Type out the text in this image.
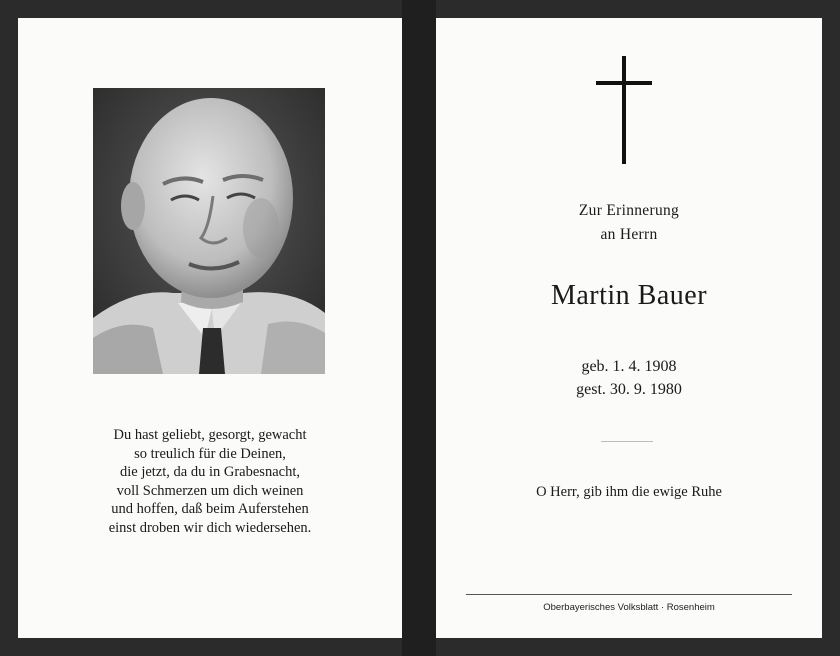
Du hast geliebt, gesorgt, gewacht
so treulich für die Deinen,
die jetzt, da du in Grabesnacht,
voll Schmerzen um dich weinen
und hoffen, daß beim Auferstehen
einst droben wir dich wiedersehen.
Zur Erinnerung
an Herrn
Martin Bauer
geb. 1. 4. 1908
gest. 30. 9. 1980
O Herr, gib ihm die ewige Ruhe
Oberbayerisches Volksblatt · Rosenheim
